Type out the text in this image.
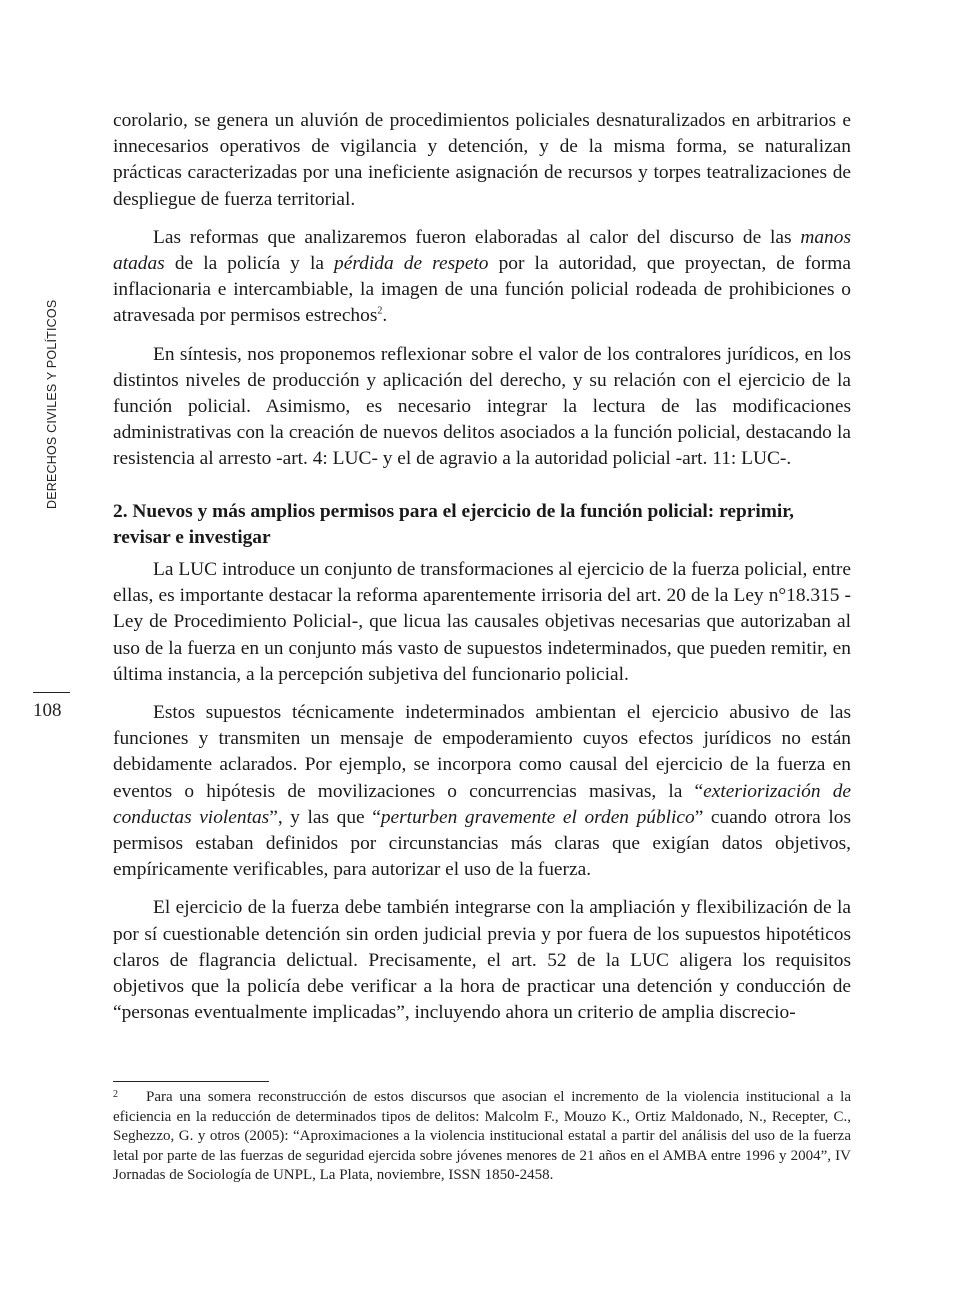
DERECHOS CIVILES Y POLÍTICOS
108

corolario, se genera un aluvión de procedimientos policiales desnaturalizados en arbitrarios e innecesarios operativos de vigilancia y detención, y de la misma forma, se naturalizan prácticas caracterizadas por una ineficiente asignación de recursos y torpes teatralizaciones de despliegue de fuerza territorial.

Las reformas que analizaremos fueron elaboradas al calor del discurso de las manos atadas de la policía y la pérdida de respeto por la autoridad, que proyectan, de forma inflacionaria e intercambiable, la imagen de una función policial rodeada de prohibiciones o atravesada por permisos estrechos$^2$.

En síntesis, nos proponemos reflexionar sobre el valor de los contralores jurídicos, en los distintos niveles de producción y aplicación del derecho, y su relación con el ejercicio de la función policial. Asimismo, es necesario integrar la lectura de las modificaciones administrativas con la creación de nuevos delitos asociados a la función policial, destacando la resistencia al arresto -art. 4: LUC- y el de agravio a la autoridad policial -art. 11: LUC-.

2. Nuevos y más amplios permisos para el ejercicio de la función policial: reprimir, revisar e investigar

La LUC introduce un conjunto de transformaciones al ejercicio de la fuerza policial, entre ellas, es importante destacar la reforma aparentemente irrisoria del art. 20 de la Ley n°18.315 -Ley de Procedimiento Policial-, que licua las causales objetivas necesarias que autorizaban al uso de la fuerza en un conjunto más vasto de supuestos indeterminados, que pueden remitir, en última instancia, a la percepción subjetiva del funcionario policial.

Estos supuestos técnicamente indeterminados ambientan el ejercicio abusivo de las funciones y transmiten un mensaje de empoderamiento cuyos efectos jurídicos no están debidamente aclarados. Por ejemplo, se incorpora como causal del ejercicio de la fuerza en eventos o hipótesis de movilizaciones o concurrencias masivas, la “exteriorización de conductas violentas”, y las que “perturben gravemente el orden público” cuando otrora los permisos estaban definidos por circunstancias más claras que exigían datos objetivos, empíricamente verificables, para autorizar el uso de la fuerza.

El ejercicio de la fuerza debe también integrarse con la ampliación y flexibilización de la por sí cuestionable detención sin orden judicial previa y por fuera de los supuestos hipotéticos claros de flagrancia delictual. Precisamente, el art. 52 de la LUC aligera los requisitos objetivos que la policía debe verificar a la hora de practicar una detención y conducción de “personas eventualmente implicadas”, incluyendo ahora un criterio de amplia discrecio-

2 Para una somera reconstrucción de estos discursos que asocian el incremento de la violencia institucional a la eficiencia en la reducción de determinados tipos de delitos: Malcolm F., Mouzo K., Ortiz Maldonado, N., Recepter, C., Seghezzo, G. y otros (2005): “Aproximaciones a la violencia institucional estatal a partir del análisis del uso de la fuerza letal por parte de las fuerzas de seguridad ejercida sobre jóvenes menores de 21 años en el AMBA entre 1996 y 2004”, IV Jornadas de Sociología de UNPL, La Plata, noviembre, ISSN 1850-2458.
